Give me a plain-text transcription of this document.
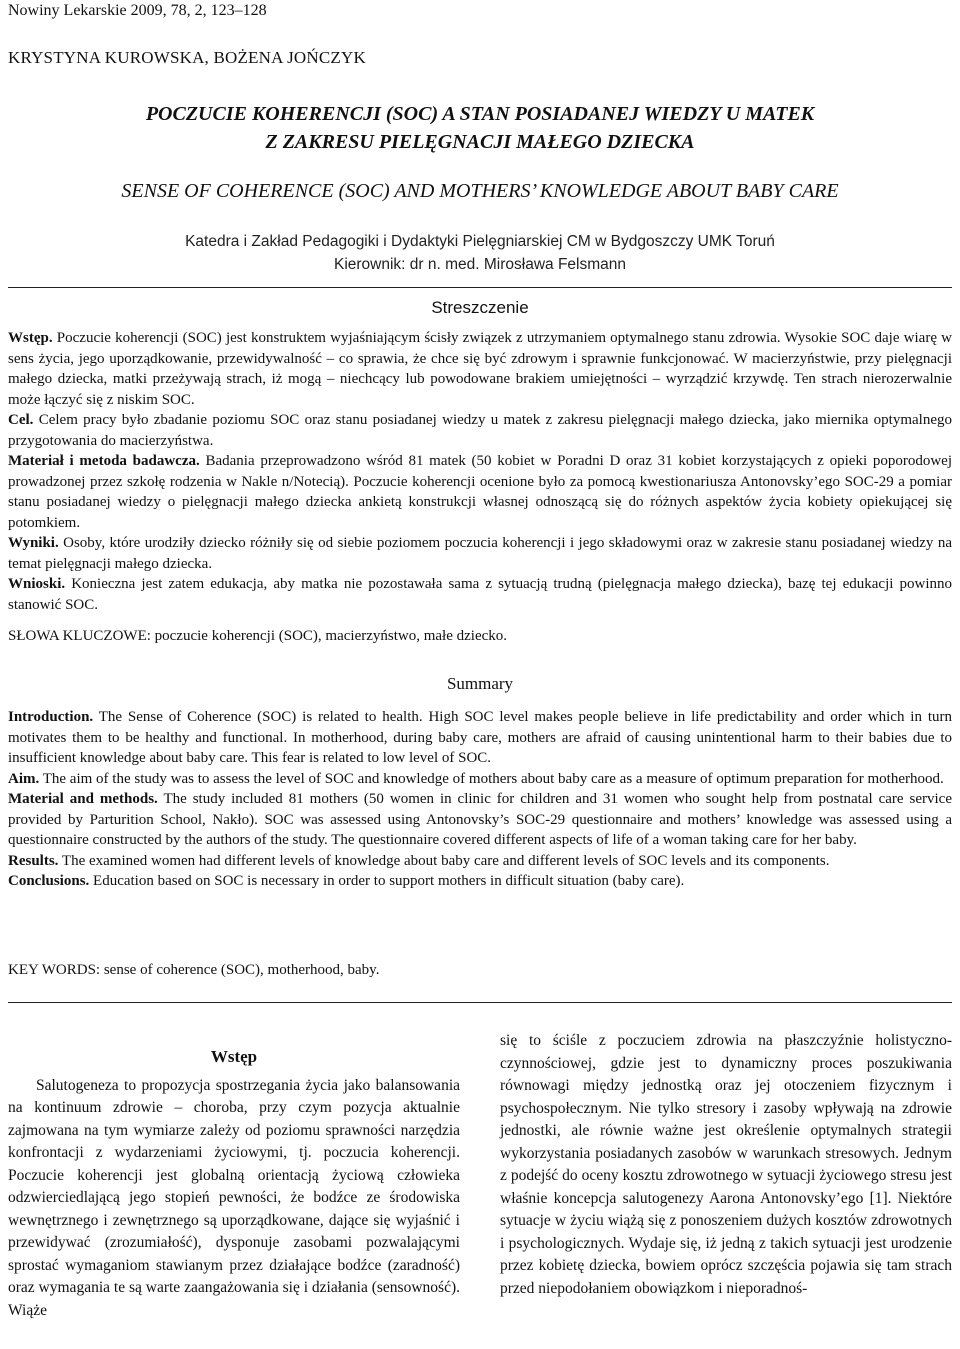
Nowiny Lekarskie 2009, 78, 2, 123–128
KRYSTYNA KUROWSKA, BOŻENA JOŃCZYK
POCZUCIE KOHERENCJI (SOC) A STAN POSIADANEJ WIEDZY U MATEK
Z ZAKRESU PIELĘGNACJI MAŁEGO DZIECKA
SENSE OF COHERENCE (SOC) AND MOTHERS’ KNOWLEDGE ABOUT BABY CARE
Katedra i Zakład Pedagogiki i Dydaktyki Pielęgniarskiej CM w Bydgoszczy UMK Toruń
Kierownik: dr n. med. Mirosława Felsmann
Streszczenie

Wstęp. Poczucie koherencji (SOC) jest konstruktem wyjaśniającym ścisły związek z utrzymaniem optymalnego stanu zdrowia. Wysokie SOC daje wiarę w sens życia, jego uporządkowanie, przewidywalność – co sprawia, że chce się być zdrowym i sprawnie funkcjonować. W macierzyństwie, przy pielęgnacji małego dziecka, matki przeżywają strach, iż mogą – niechcący lub powodowane brakiem umiejętności – wyrządzić krzywdę. Ten strach nierozerwalnie może łączyć się z niskim SOC.

Cel. Celem pracy było zbadanie poziomu SOC oraz stanu posiadanej wiedzy u matek z zakresu pielęgnacji małego dziecka, jako miernika optymalnego przygotowania do macierzyństwa.

Materiał i metoda badawcza. Badania przeprowadzono wśród 81 matek (50 kobiet w Poradni D oraz 31 kobiet korzystających z opieki poporodowej prowadzonej przez szkołę rodzenia w Nakle n/Notecią). Poczucie koherencji ocenione było za pomocą kwestionariusza Antonovsky’ego SOC-29 a pomiar stanu posiadanej wiedzy o pielęgnacji małego dziecka ankietą konstrukcji własnej odnoszącą się do różnych aspektów życia kobiety opiekującej się potomkiem.

Wyniki. Osoby, które urodziły dziecko różniły się od siebie poziomem poczucia koherencji i jego składowymi oraz w zakresie stanu posiadanej wiedzy na temat pielęgnacji małego dziecka.

Wnioski. Konieczna jest zatem edukacja, aby matka nie pozostawała sama z sytuacją trudną (pielęgnacja małego dziecka), bazę tej edukacji powinno stanowić SOC.

SŁOWA KLUCZOWE: poczucie koherencji (SOC), macierzyństwo, małe dziecko.
Summary

Introduction. The Sense of Coherence (SOC) is related to health. High SOC level makes people believe in life predictability and order which in turn motivates them to be healthy and functional. In motherhood, during baby care, mothers are afraid of causing unintentional harm to their babies due to insufficient knowledge about baby care. This fear is related to low level of SOC.

Aim. The aim of the study was to assess the level of SOC and knowledge of mothers about baby care as a measure of optimum preparation for motherhood.

Material and methods. The study included 81 mothers (50 women in clinic for children and 31 women who sought help from postnatal care service provided by Parturition School, Nakło). SOC was assessed using Antonovsky’s SOC-29 questionnaire and mothers’ knowledge was assessed using a questionnaire constructed by the authors of the study. The questionnaire covered different aspects of life of a woman taking care for her baby.

Results. The examined women had different levels of knowledge about baby care and different levels of SOC levels and its components.

Conclusions. Education based on SOC is necessary in order to support mothers in difficult situation (baby care).

KEY WORDS: sense of coherence (SOC), motherhood, baby.
Wstęp

Salutogeneza to propozycja spostrzegania życia jako balansowania na kontinuum zdrowie – choroba, przy czym pozycja aktualnie zajmowana na tym wymiarze zależy od poziomu sprawności narzędzia konfrontacji z wydarzeniami życiowymi, tj. poczucia koherencji. Poczucie koherencji jest globalną orientacją życiową człowieka odzwierciedlającą jego stopień pewności, że bodźce ze środowiska wewnętrznego i zewnętrznego są uporządkowane, dające się wyjaśnić i przewidywać (zrozumiałość), dysponuje zasobami pozwalającymi sprostać wymaganiom stawianym przez działające bodźce (zaradność) oraz wymagania te są warte zaangażowania się i działania (sensowność). Wiąże

się to ściśle z poczuciem zdrowia na płaszczyźnie holistyczno-czynnościowej, gdzie jest to dynamiczny proces poszukiwania równowagi między jednostką oraz jej otoczeniem fizycznym i psychospołecznym. Nie tylko stresory i zasoby wpływają na zdrowie jednostki, ale równie ważne jest określenie optymalnych strategii wykorzystania posiadanych zasobów w warunkach stresowych. Jednym z podejść do oceny kosztu zdrowotnego w sytuacji życiowego stresu jest właśnie koncepcja salutogenezy Aarona Antonovsky’ego [1]. Niektóre sytuacje w życiu wiążą się z ponoszeniem dużych kosztów zdrowotnych i psychologicznych. Wydaje się, iż jedną z takich sytuacji jest urodzenie przez kobietę dziecka, bowiem oprócz szczęścia pojawia się tam strach przed niepodołaniem obowiązkom i nieporadnoś-
